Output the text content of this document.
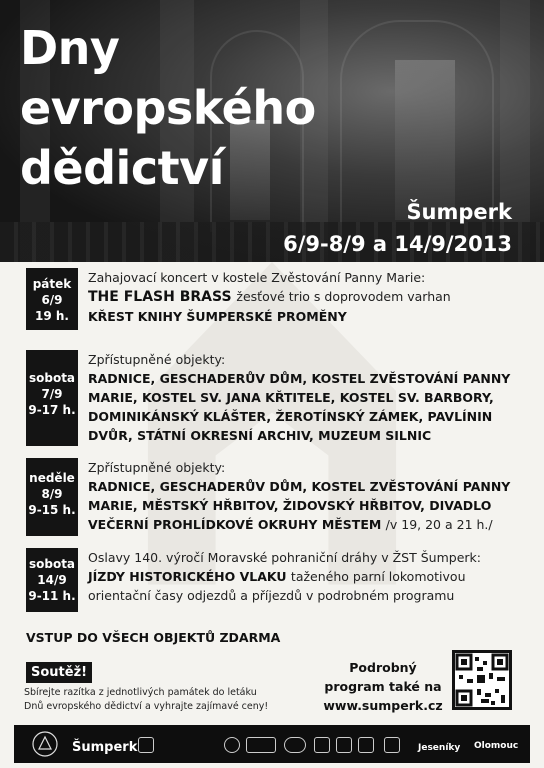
Dny
evropského
dědictví
Šumperk
6/9-8/9 a 14/9/2013
pátek
6/9
19 h.
Zahajovací koncert v kostele Zvěstování Panny Marie:
THE FLASH BRASS žesťové trio s doprovodem varhan
KŘEST KNIHY ŠUMPERSKÉ PROMĚNY
sobota
7/9
9-17 h.
Zpřístupněné objekty:
RADNICE, GESCHADERŮV DŮM, KOSTEL ZVĚSTOVÁNÍ PANNY
MARIE, KOSTEL SV. JANA KŘTITELE, KOSTEL SV. BARBORY,
DOMINIKÁNSKÝ KLÁŠTER, ŽEROTÍNSKÝ ZÁMEK, PAVLÍNIN
DVŮR, STÁTNÍ OKRESNÍ ARCHIV, MUZEUM SILNIC
neděle
8/9
9-15 h.
Zpřístupněné objekty:
RADNICE, GESCHADERŮV DŮM, KOSTEL ZVĚSTOVÁNÍ PANNY
MARIE, MĚSTSKÝ HŘBITOV, ŽIDOVSKÝ HŘBITOV, DIVADLO
VEČERNÍ PROHLÍDKOVÉ OKRUHY MĚSTEM /v 19, 20 a 21 h./
sobota
14/9
9-11 h.
Oslavy 140. výročí Moravské pohraniční dráhy v ŽST Šumperk:
JÍZDY HISTORICKÉHO VLAKU taženého parní lokomotivou
orientační časy odjezdů a příjezdů v podrobném programu
VSTUP DO VŠECH OBJEKTŮ ZDARMA
Soutěž!
Sbírejte razítka z jednotlivých památek do letáku
Dnů evropského dědictví a vyhrajte zajímavé ceny!
Podrobný
program také na
www.sumperk.cz
Šumperk	Jeseníky Olomouc
